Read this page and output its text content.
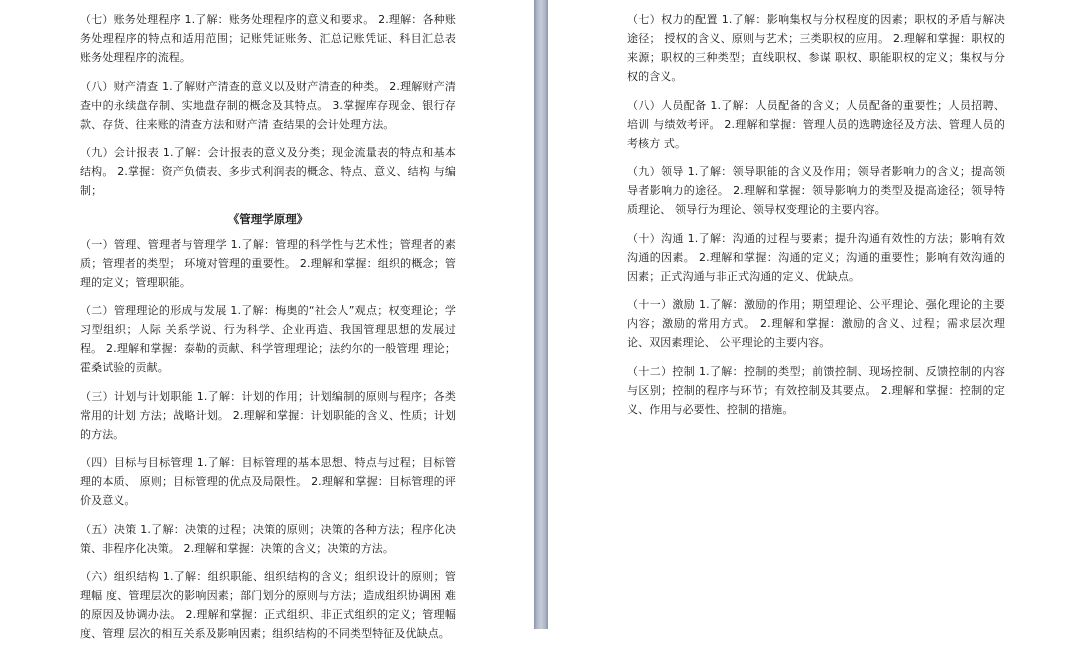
（七）账务处理程序 1.了解：账务处理程序的意义和要求。 2.理解：各种账务处理程序的特点和适用范围；记账凭证账务、汇总记账凭证、科目汇总表账务处理程序的流程。

（八）财产清查 1.了解财产清查的意义以及财产清查的种类。 2.理解财产清查中的永续盘存制、实地盘存制的概念及其特点。 3.掌握库存现金、银行存款、存货、往来账的清查方法和财产清 查结果的会计处理方法。

（九）会计报表 1.了解：会计报表的意义及分类；现金流量表的特点和基本结构。 2.掌握：资产负债表、多步式利润表的概念、特点、意义、结构 与编制；

《管理学原理》

（一）管理、管理者与管理学 1.了解：管理的科学性与艺术性；管理者的素质；管理者的类型； 环境对管理的重要性。 2.理解和掌握：组织的概念；管理的定义；管理职能。

（二）管理理论的形成与发展 1.了解：梅奥的“社会人”观点；权变理论；学习型组织；人际 关系学说、行为科学、企业再造、我国管理思想的发展过程。 2.理解和掌握：泰勒的贡献、科学管理理论；法约尔的一般管理 理论；霍桑试验的贡献。

（三）计划与计划职能 1.了解：计划的作用；计划编制的原则与程序；各类常用的计划 方法；战略计划。 2.理解和掌握：计划职能的含义、性质；计划的方法。

（四）目标与目标管理 1.了解：目标管理的基本思想、特点与过程；目标管理的本质、 原则；目标管理的优点及局限性。 2.理解和掌握：目标管理的评价及意义。

（五）决策 1.了解：决策的过程；决策的原则；决策的各种方法；程序化决 策、非程序化决策。 2.理解和掌握：决策的含义；决策的方法。

（六）组织结构 1.了解：组织职能、组织结构的含义；组织设计的原则；管理幅 度、管理层次的影响因素；部门划分的原则与方法；造成组织协调困 难的原因及协调办法。 2.理解和掌握：正式组织、非正式组织的定义；管理幅度、管理 层次的相互关系及影响因素；组织结构的不同类型特征及优缺点。

（七）权力的配置 1.了解：影响集权与分权程度的因素；职权的矛盾与解决途径； 授权的含义、原则与艺术；三类职权的应用。 2.理解和掌握：职权的来源；职权的三种类型；直线职权、参谋 职权、职能职权的定义；集权与分权的含义。

（八）人员配备 1.了解：人员配备的含义；人员配备的重要性；人员招聘、培训 与绩效考评。 2.理解和掌握：管理人员的选聘途径及方法、管理人员的考核方 式。

（九）领导 1.了解：领导职能的含义及作用；领导者影响力的含义；提高领 导者影响力的途径。 2.理解和掌握：领导影响力的类型及提高途径；领导特质理论、 领导行为理论、领导权变理论的主要内容。

（十）沟通 1.了解：沟通的过程与要素；提升沟通有效性的方法；影响有效沟通的因素。 2.理解和掌握：沟通的定义；沟通的重要性；影响有效沟通的因素；正式沟通与非正式沟通的定义、优缺点。

（十一）激励 1.了解：激励的作用；期望理论、公平理论、强化理论的主要内容；激励的常用方式。 2.理解和掌握：激励的含义、过程；需求层次理论、双因素理论、 公平理论的主要内容。

（十二）控制 1.了解：控制的类型；前馈控制、现场控制、反馈控制的内容与区别；控制的程序与环节；有效控制及其要点。 2.理解和掌握：控制的定义、作用与必要性、控制的措施。
